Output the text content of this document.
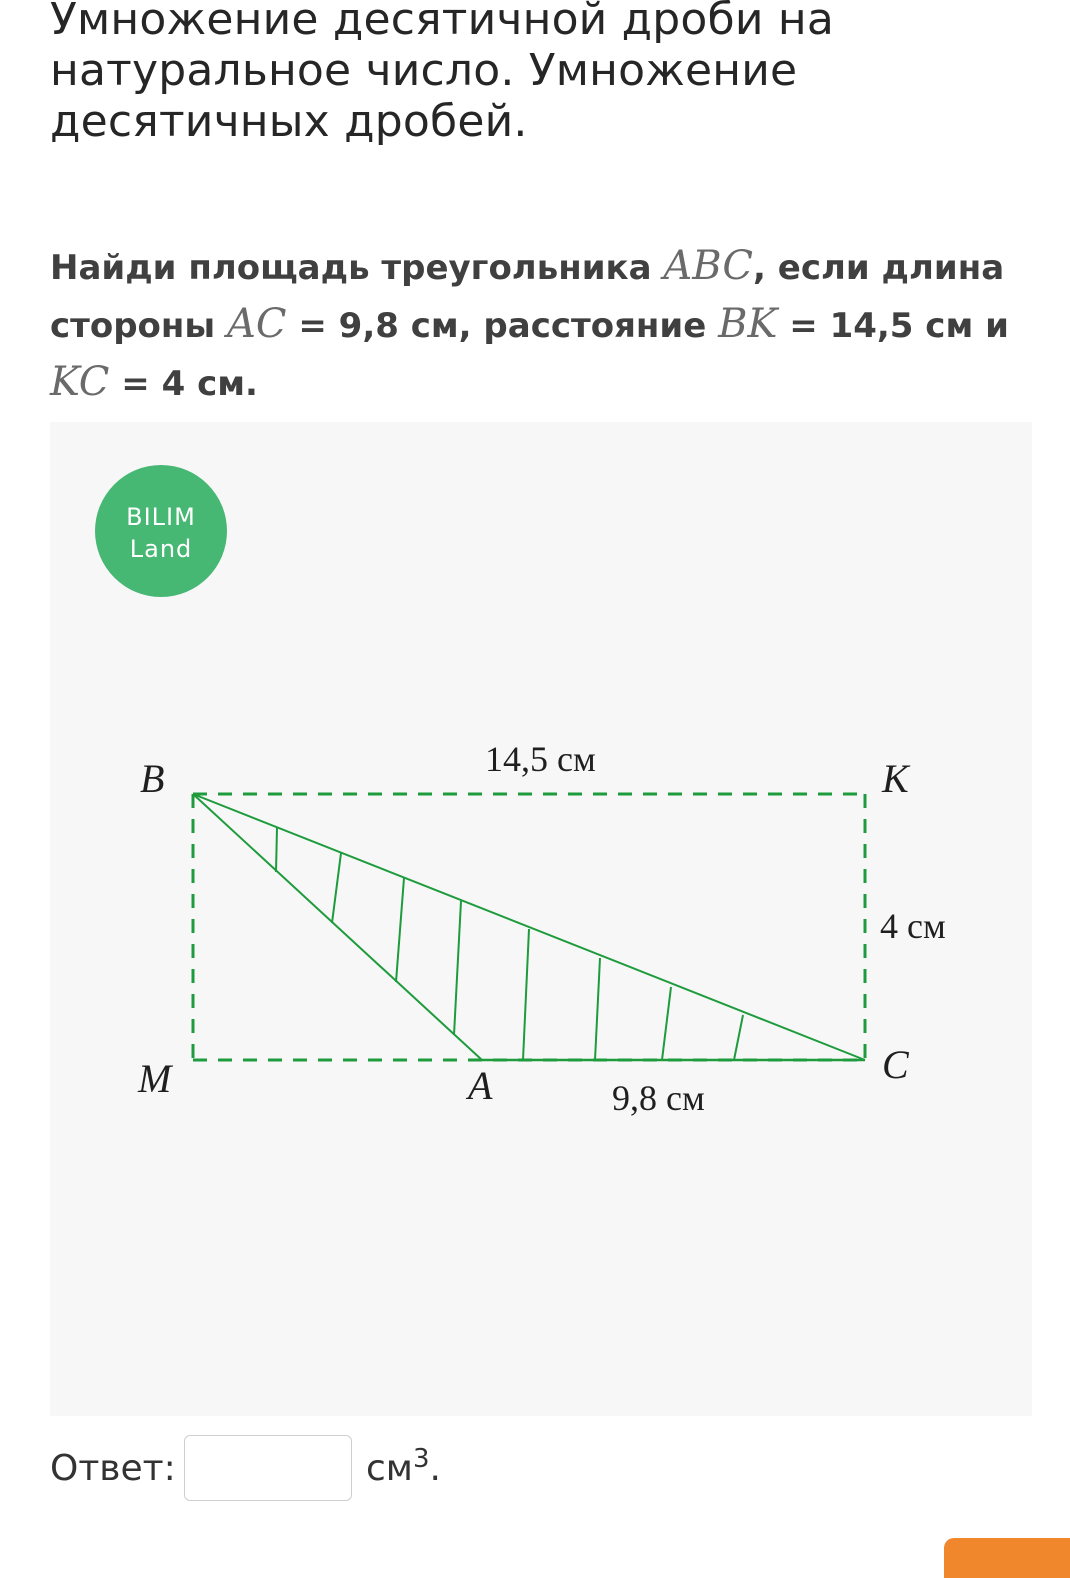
Умножение десятичной дроби на натуральное число. Умножение десятичных дробей.

Найди площадь треугольника ABC, если длина стороны AC = 9,8 см, расстояние BK = 14,5 см и KC = 4 см.

BILIM
Land
B	K
M	A	C
14,5 см
4 см
9,8 см
Ответ:	$см^3$.
